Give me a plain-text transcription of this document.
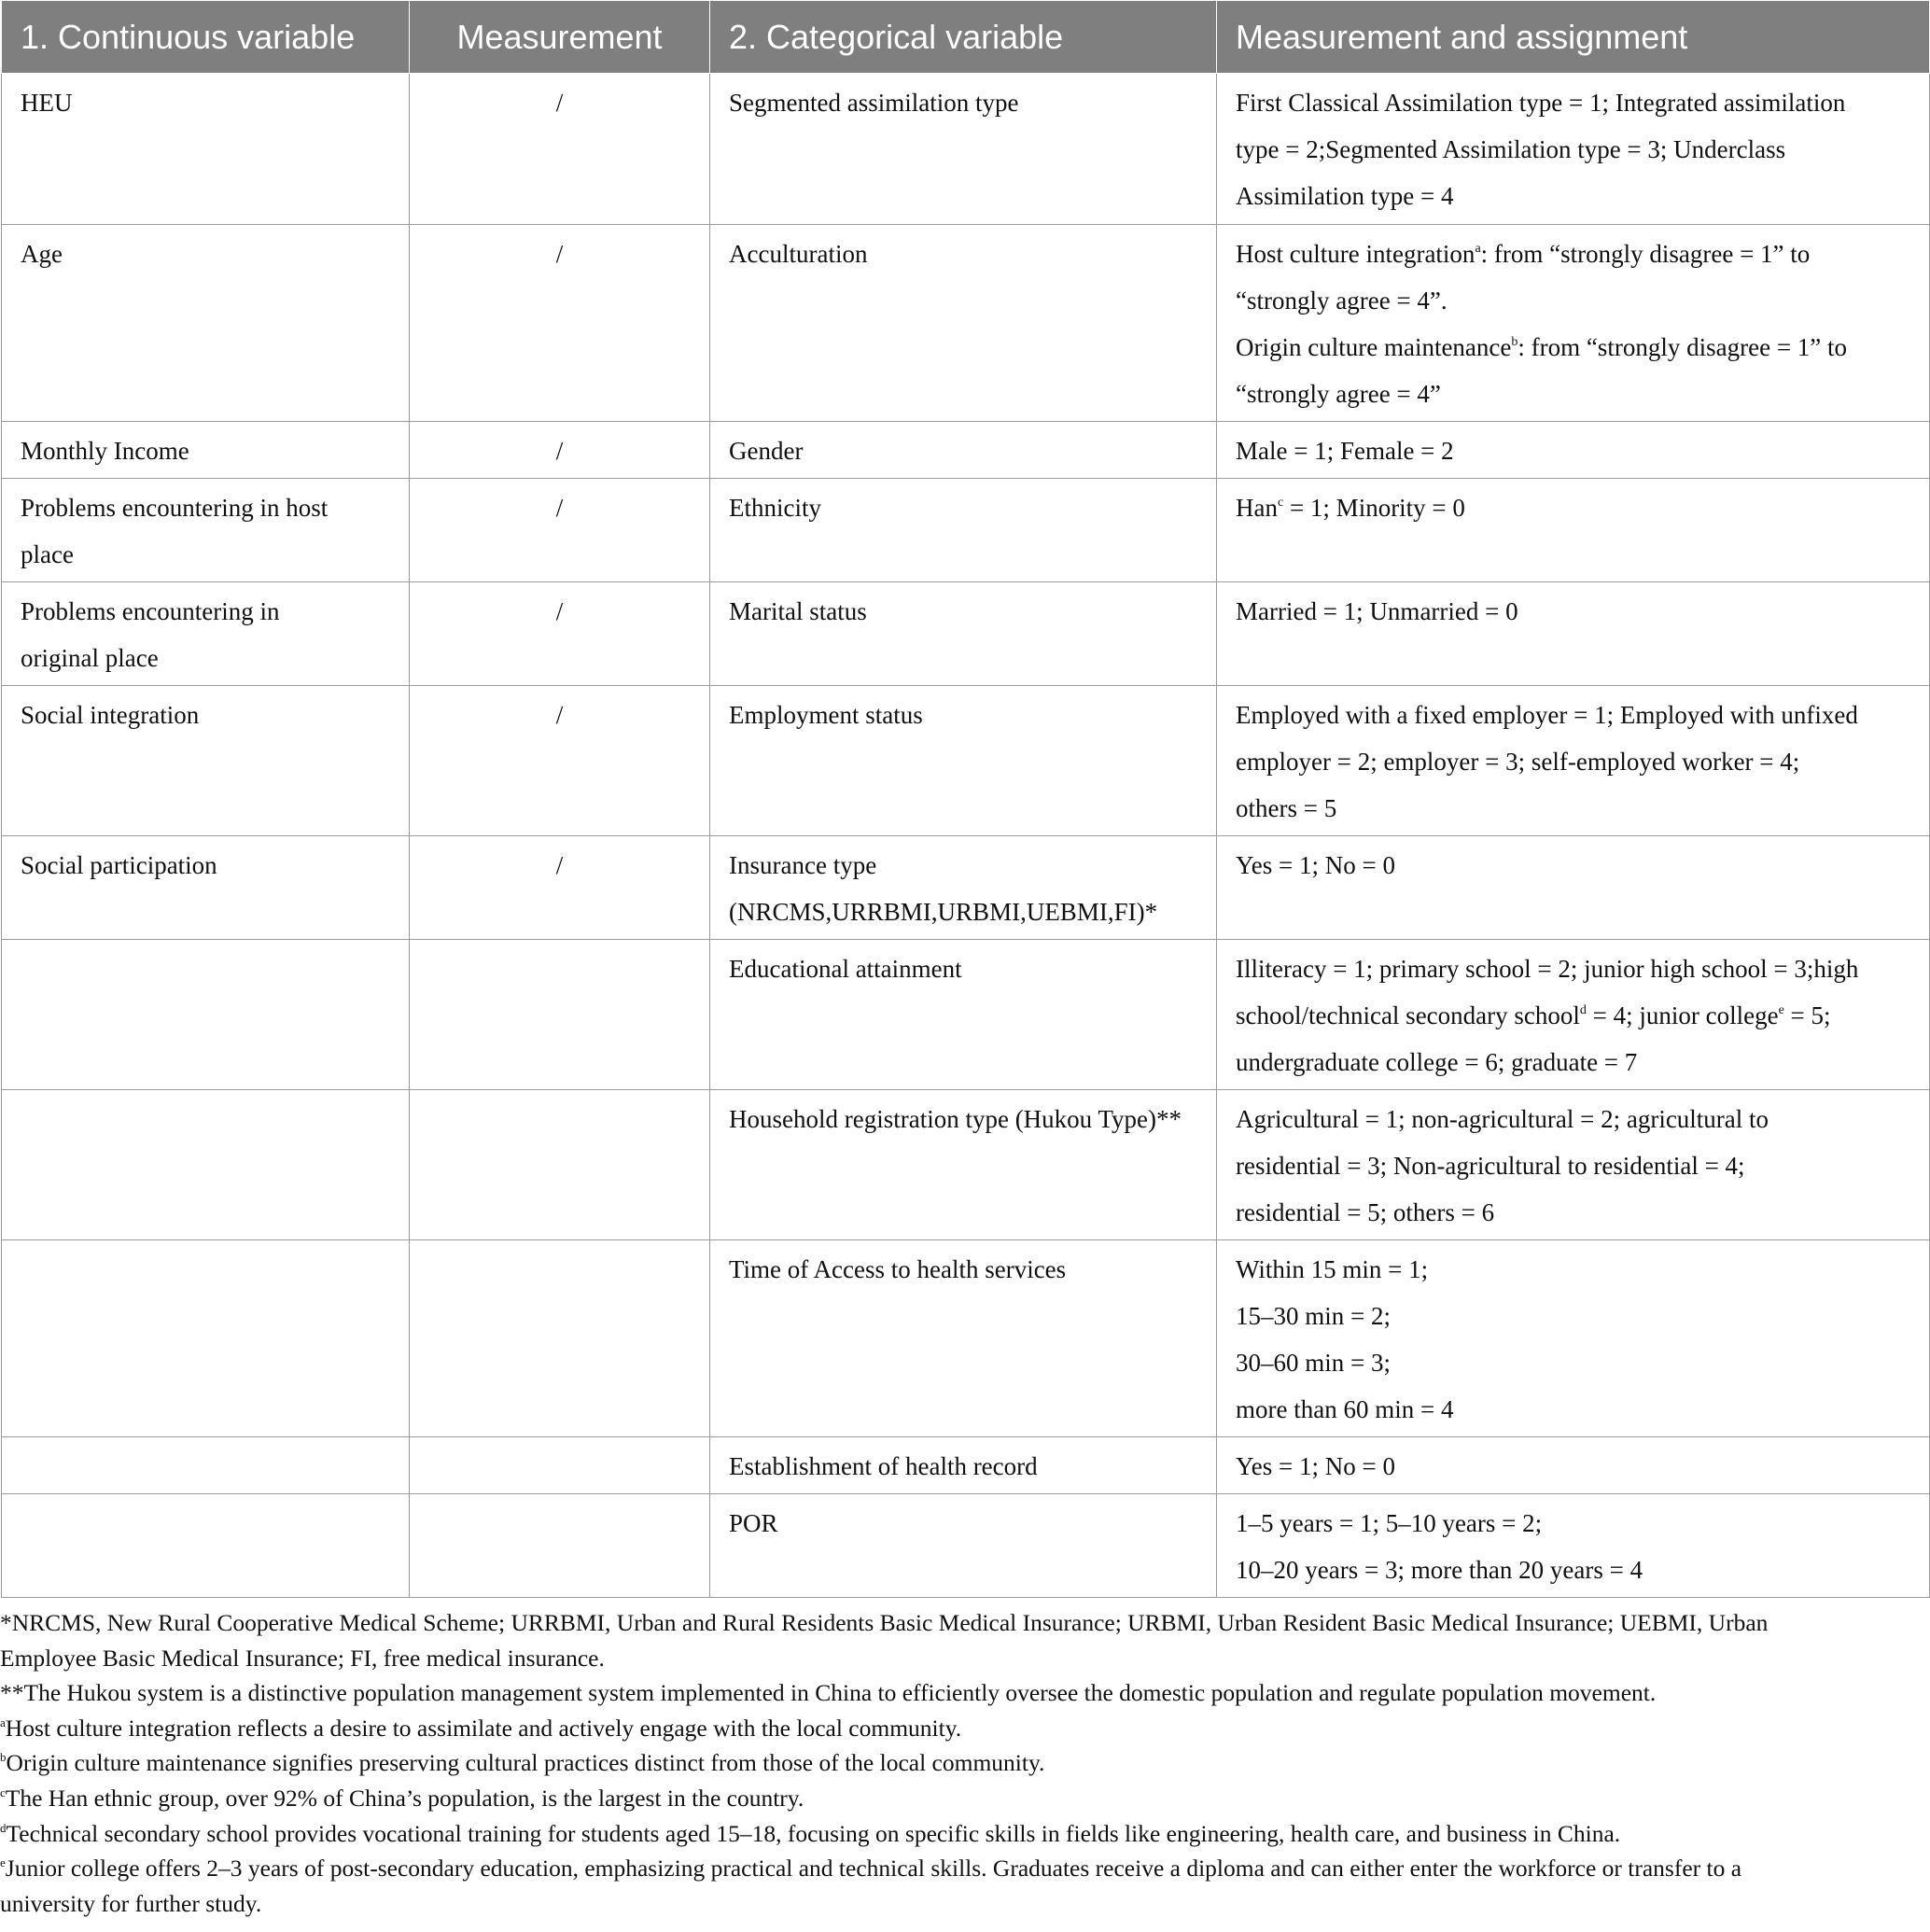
1. Continuous variable	Measurement	2. Categorical variable	Measurement and assignment
HEU	/	Segmented assimilation type	First Classical Assimilation type = 1; Integrated assimilation
type = 2;Segmented Assimilation type = 3; Underclass
Assimilation type = 4

Age	/	Acculturation	Host culture integration$^a$: from “strongly disagree = 1” to
“strongly agree = 4”.
Origin culture maintenance$^b$: from “strongly disagree = 1” to
“strongly agree = 4”

Monthly Income	/	Gender	Male = 1; Female = 2

Problems encountering in host
place	/	Ethnicity	Han$^c$ = 1; Minority = 0

Problems encountering in
original place	/	Marital status	Married = 1; Unmarried = 0

Social integration	/	Employment status	Employed with a fixed employer = 1; Employed with unfixed
employer = 2; employer = 3; self-employed worker = 4;
others = 5

Social participation	/	Insurance type
(NRCMS,URRBMI,URBMI,UEBMI,FI)*	Yes = 1; No = 0

		Educational attainment	Illiteracy = 1; primary school = 2; junior high school = 3;high
school/technical secondary school$^d$ = 4; junior college$^e$ = 5;
undergraduate college = 6; graduate = 7

		Household registration type (Hukou Type)**	Agricultural = 1; non-agricultural = 2; agricultural to
residential = 3; Non-agricultural to residential = 4;
residential = 5; others = 6

		Time of Access to health services	Within 15 min = 1;
15–30 min = 2;
30–60 min = 3;
more than 60 min = 4

		Establishment of health record	Yes = 1; No = 0

		POR	1–5 years = 1; 5–10 years = 2;
10–20 years = 3; more than 20 years = 4
*NRCMS, New Rural Cooperative Medical Scheme; URRBMI, Urban and Rural Residents Basic Medical Insurance; URBMI, Urban Resident Basic Medical Insurance; UEBMI, Urban
Employee Basic Medical Insurance; FI, free medical insurance.
**The Hukou system is a distinctive population management system implemented in China to efficiently oversee the domestic population and regulate population movement.
$^a$Host culture integration reflects a desire to assimilate and actively engage with the local community.
$^b$Origin culture maintenance signifies preserving cultural practices distinct from those of the local community.
$^c$The Han ethnic group, over 92% of China’s population, is the largest in the country.
$^d$Technical secondary school provides vocational training for students aged 15–18, focusing on specific skills in fields like engineering, health care, and business in China.
$^e$Junior college offers 2–3 years of post-secondary education, emphasizing practical and technical skills. Graduates receive a diploma and can either enter the workforce or transfer to a
university for further study.
